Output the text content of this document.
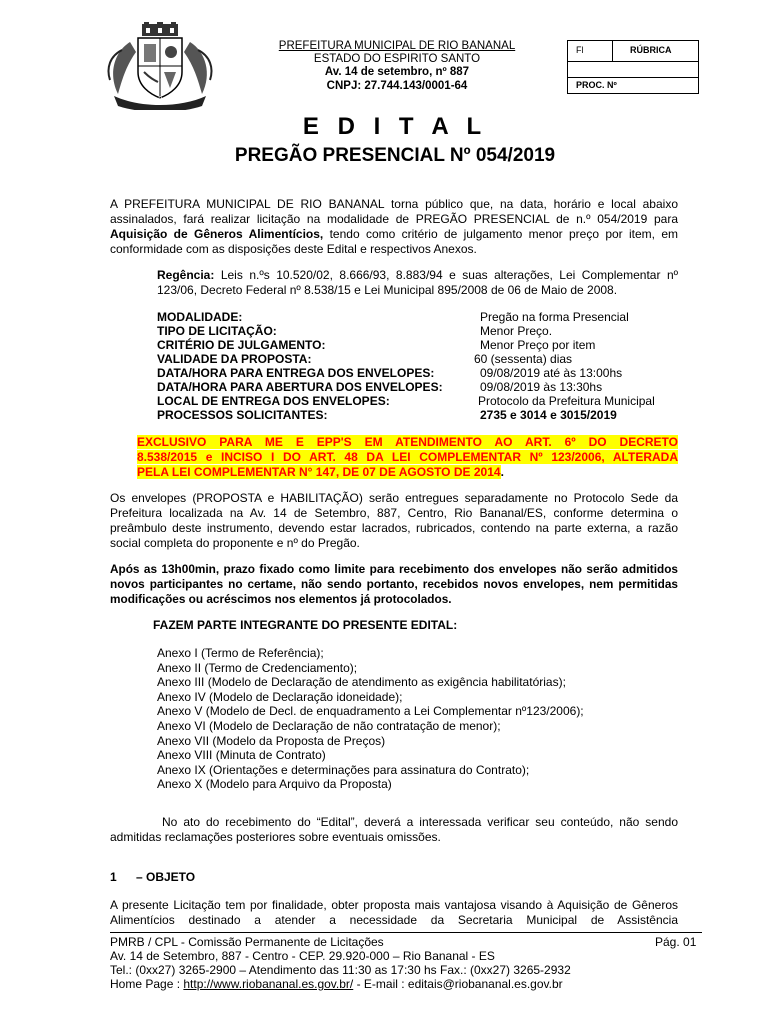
S. Rio Bananal
PREFEITURA MUNICIPAL DE RIO BANANAL
ESTADO DO ESPIRITO SANTO
Av. 14 de setembro, nº 887
CNPJ: 27.744.143/0001-64
Fl	RÚBRICA
PROC. Nº
E D I T A L
PREGÃO PRESENCIAL Nº 054/2019
A PREFEITURA MUNICIPAL DE RIO BANANAL torna público que, na data, horário e local abaixo assinalados, fará realizar licitação na modalidade de PREGÃO PRESENCIAL de n.º 054/2019 para Aquisição de Gêneros Alimentícios, tendo como critério de julgamento menor preço por item, em conformidade com as disposições deste Edital e respectivos Anexos.
Regência: Leis n.ºs 10.520/02, 8.666/93, 8.883/94 e suas alterações, Lei Complementar nº 123/06, Decreto Federal nº 8.538/15 e Lei Municipal 895/2008 de 06 de Maio de 2008.
MODALIDADE:	Pregão na forma Presencial
TIPO DE LICITAÇÃO:	Menor Preço.
CRITÉRIO DE JULGAMENTO:	Menor Preço por item
VALIDADE DA PROPOSTA:	60 (sessenta) dias
DATA/HORA PARA ENTREGA DOS ENVELOPES:	09/08/2019 até às 13:00hs
DATA/HORA PARA ABERTURA DOS ENVELOPES:	09/08/2019 às 13:30hs
LOCAL DE ENTREGA DOS ENVELOPES:	Protocolo da Prefeitura Municipal
PROCESSOS SOLICITANTES:	2735 e 3014 e 3015/2019
EXCLUSIVO PARA ME E EPP'S EM ATENDIMENTO AO ART. 6º DO DECRETO
8.538/2015 e INCISO I DO ART. 48 DA LEI COMPLEMENTAR Nº 123/2006, ALTERADA
PELA LEI COMPLEMENTAR N° 147, DE 07 DE AGOSTO DE 2014.
Os envelopes (PROPOSTA e HABILITAÇÃO) serão entregues separadamente no Protocolo Sede da Prefeitura localizada na Av. 14 de Setembro, 887, Centro, Rio Bananal/ES, conforme determina o preâmbulo deste instrumento, devendo estar lacrados, rubricados, contendo na parte externa, a razão social completa do proponente e nº do Pregão.
Após as 13h00min, prazo fixado como limite para recebimento dos envelopes não serão admitidos novos participantes no certame, não sendo portanto, recebidos novos envelopes, nem permitidas modificações ou acréscimos nos elementos já protocolados.
FAZEM PARTE INTEGRANTE DO PRESENTE EDITAL:
Anexo I (Termo de Referência);
Anexo II (Termo de Credenciamento);
Anexo III (Modelo de Declaração de atendimento as exigência habilitatórias);
Anexo IV (Modelo de Declaração idoneidade);
Anexo V (Modelo de Decl. de enquadramento a Lei Complementar nº123/2006);
Anexo VI (Modelo de Declaração de não contratação de menor);
Anexo VII (Modelo da Proposta de Preços)
Anexo VIII (Minuta de Contrato)
Anexo IX (Orientações e determinações para assinatura do Contrato);
Anexo X (Modelo para Arquivo da Proposta)
No ato do recebimento do “Edital”, deverá a interessada verificar seu conteúdo, não sendo admitidas reclamações posteriores sobre eventuais omissões.
1 – OBJETO
A presente Licitação tem por finalidade, obter proposta mais vantajosa visando à Aquisição de Gêneros Alimentícios destinado a atender a necessidade da Secretaria Municipal de Assistência
PMRB / CPL - Comissão Permanente de Licitações	Pág. 01
Av. 14 de Setembro, 887 - Centro - CEP. 29.920-000 – Rio Bananal - ES
Tel.: (0xx27) 3265-2900 – Atendimento das 11:30 as 17:30 hs Fax.: (0xx27) 3265-2932
Home Page : http://www.riobananal.es.gov.br/ - E-mail : editais@riobananal.es.gov.br
